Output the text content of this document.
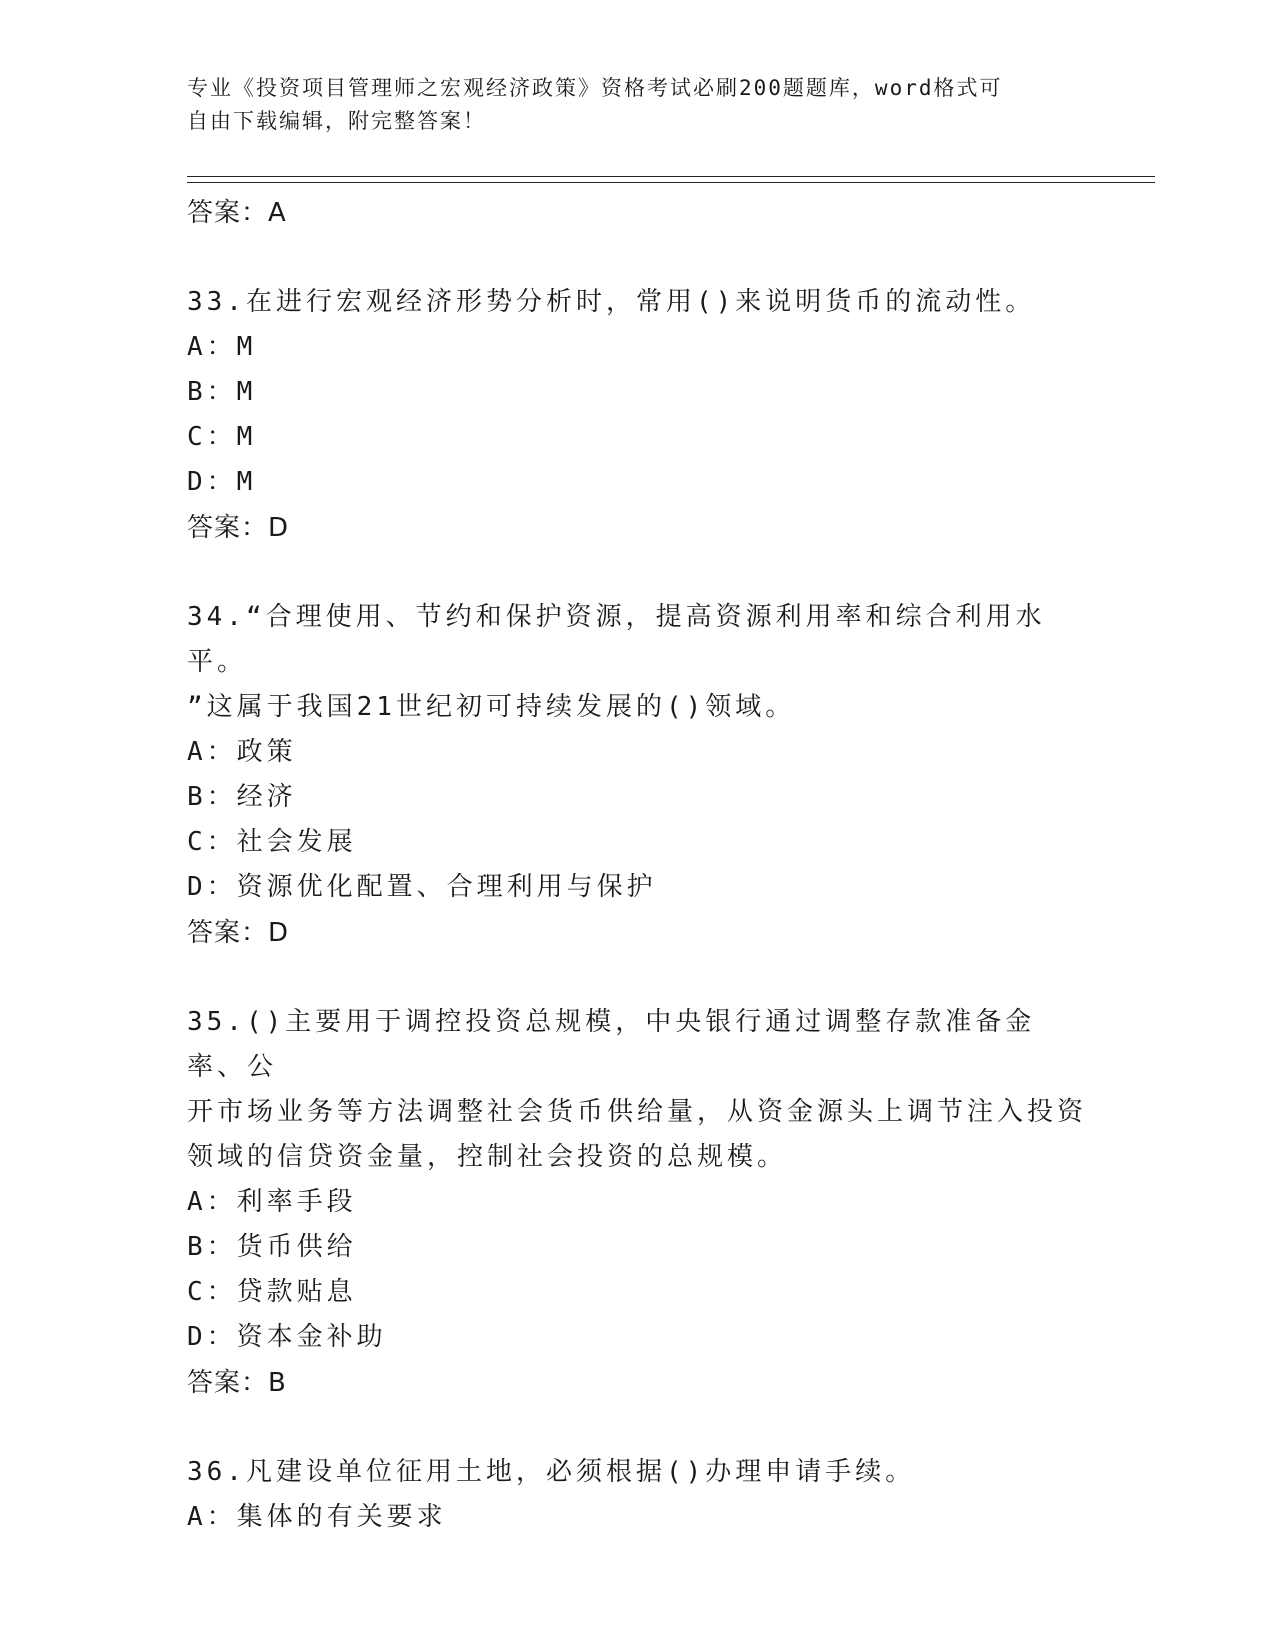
专业《投资项目管理师之宏观经济政策》资格考试必刷200题题库，word格式可
自由下载编辑，附完整答案！
答案：A
33.在进行宏观经济形势分析时，常用()来说明货币的流动性。
A：M
B：M
C：M
D：M
答案：D
34.“合理使用、节约和保护资源，提高资源利用率和综合利用水平。
”这属于我国21世纪初可持续发展的()领域。
A：政策
B：经济
C：社会发展
D：资源优化配置、合理利用与保护
答案：D
35.()主要用于调控投资总规模，中央银行通过调整存款准备金率、公
开市场业务等方法调整社会货币供给量，从资金源头上调节注入投资
领域的信贷资金量，控制社会投资的总规模。
A：利率手段
B：货币供给
C：贷款贴息
D：资本金补助
答案：B
36.凡建设单位征用土地，必须根据()办理申请手续。
A：集体的有关要求
